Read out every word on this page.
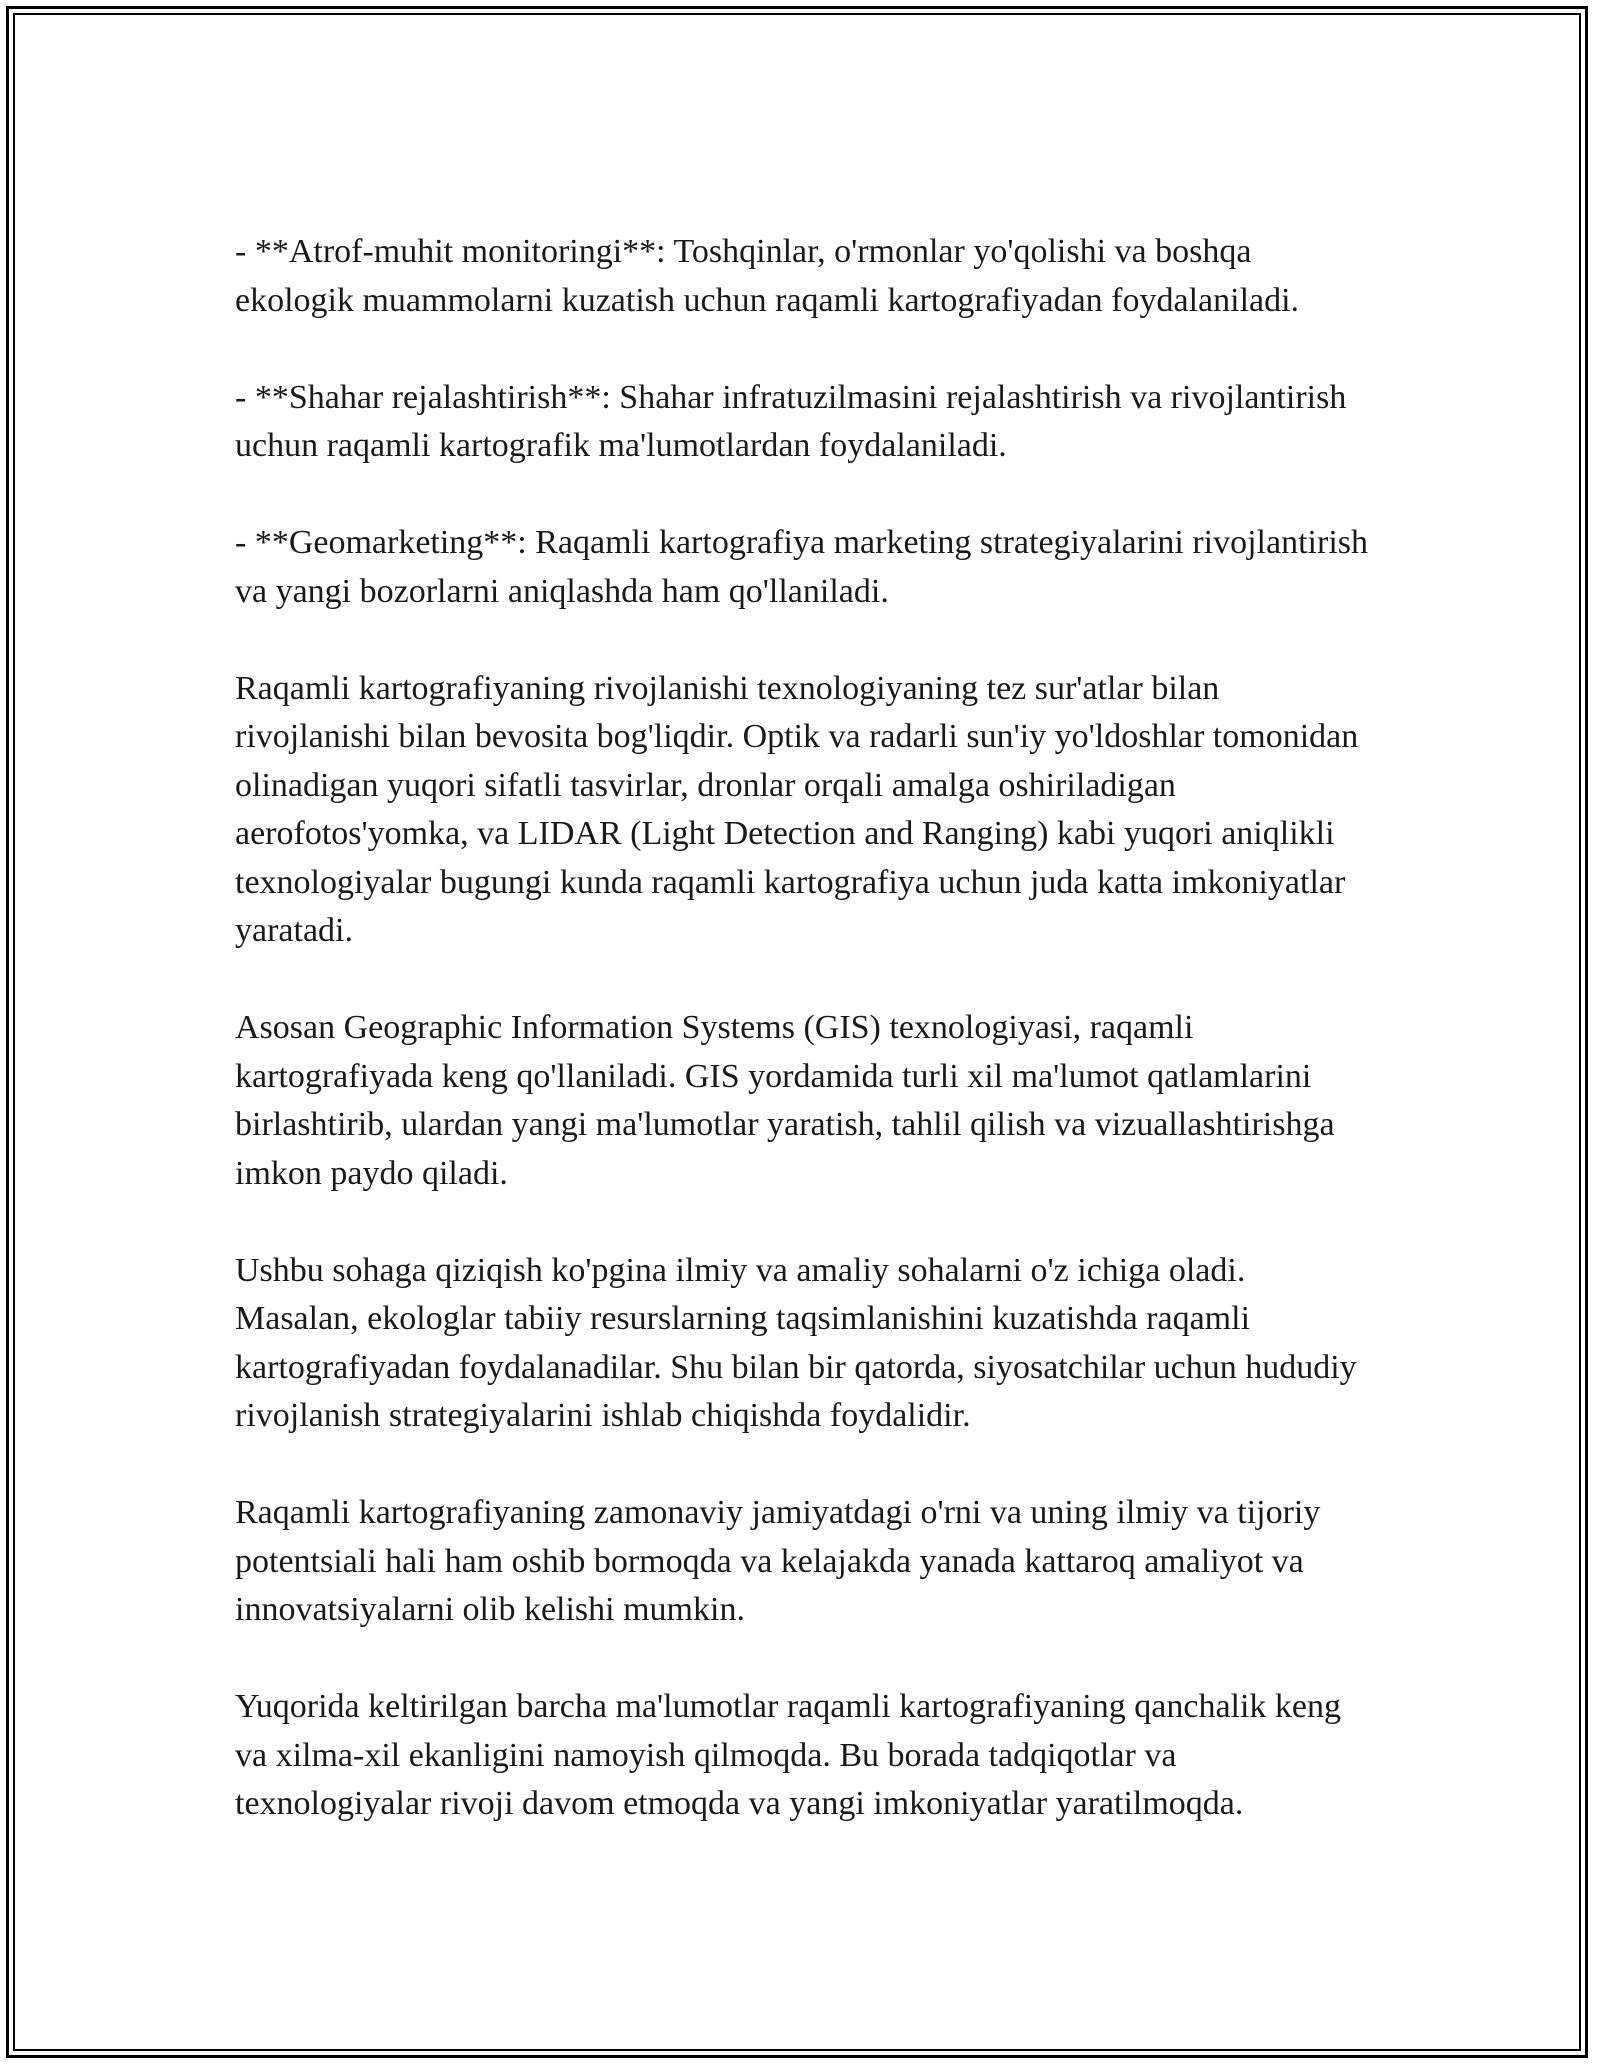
- **Atrof-muhit monitoringi**: Toshqinlar, o'rmonlar yo'qolishi va boshqa ekologik muammolarni kuzatish uchun raqamli kartografiyadan foydalaniladi.

- **Shahar rejalashtirish**: Shahar infratuzilmasini rejalashtirish va rivojlantirish uchun raqamli kartografik ma'lumotlardan foydalaniladi.

- **Geomarketing**: Raqamli kartografiya marketing strategiyalarini rivojlantirish va yangi bozorlarni aniqlashda ham qo'llaniladi.

Raqamli kartografiyaning rivojlanishi texnologiyaning tez sur'atlar bilan rivojlanishi bilan bevosita bog'liqdir. Optik va radarli sun'iy yo'ldoshlar tomonidan olinadigan yuqori sifatli tasvirlar, dronlar orqali amalga oshiriladigan aerofotos'yomka, va LIDAR (Light Detection and Ranging) kabi yuqori aniqlikli texnologiyalar bugungi kunda raqamli kartografiya uchun juda katta imkoniyatlar yaratadi.

Asosan Geographic Information Systems (GIS) texnologiyasi, raqamli kartografiyada keng qo'llaniladi. GIS yordamida turli xil ma'lumot qatlamlarini birlashtirib, ulardan yangi ma'lumotlar yaratish, tahlil qilish va vizuallashtirishga imkon paydo qiladi.

Ushbu sohaga qiziqish ko'pgina ilmiy va amaliy sohalarni o'z ichiga oladi. Masalan, ekologlar tabiiy resurslarning taqsimlanishini kuzatishda raqamli kartografiyadan foydalanadilar. Shu bilan bir qatorda, siyosatchilar uchun hududiy rivojlanish strategiyalarini ishlab chiqishda foydalidir.

Raqamli kartografiyaning zamonaviy jamiyatdagi o'rni va uning ilmiy va tijoriy potentsiali hali ham oshib bormoqda va kelajakda yanada kattaroq amaliyot va innovatsiyalarni olib kelishi mumkin.

Yuqorida keltirilgan barcha ma'lumotlar raqamli kartografiyaning qanchalik keng va xilma-xil ekanligini namoyish qilmoqda. Bu borada tadqiqotlar va texnologiyalar rivoji davom etmoqda va yangi imkoniyatlar yaratilmoqda.
